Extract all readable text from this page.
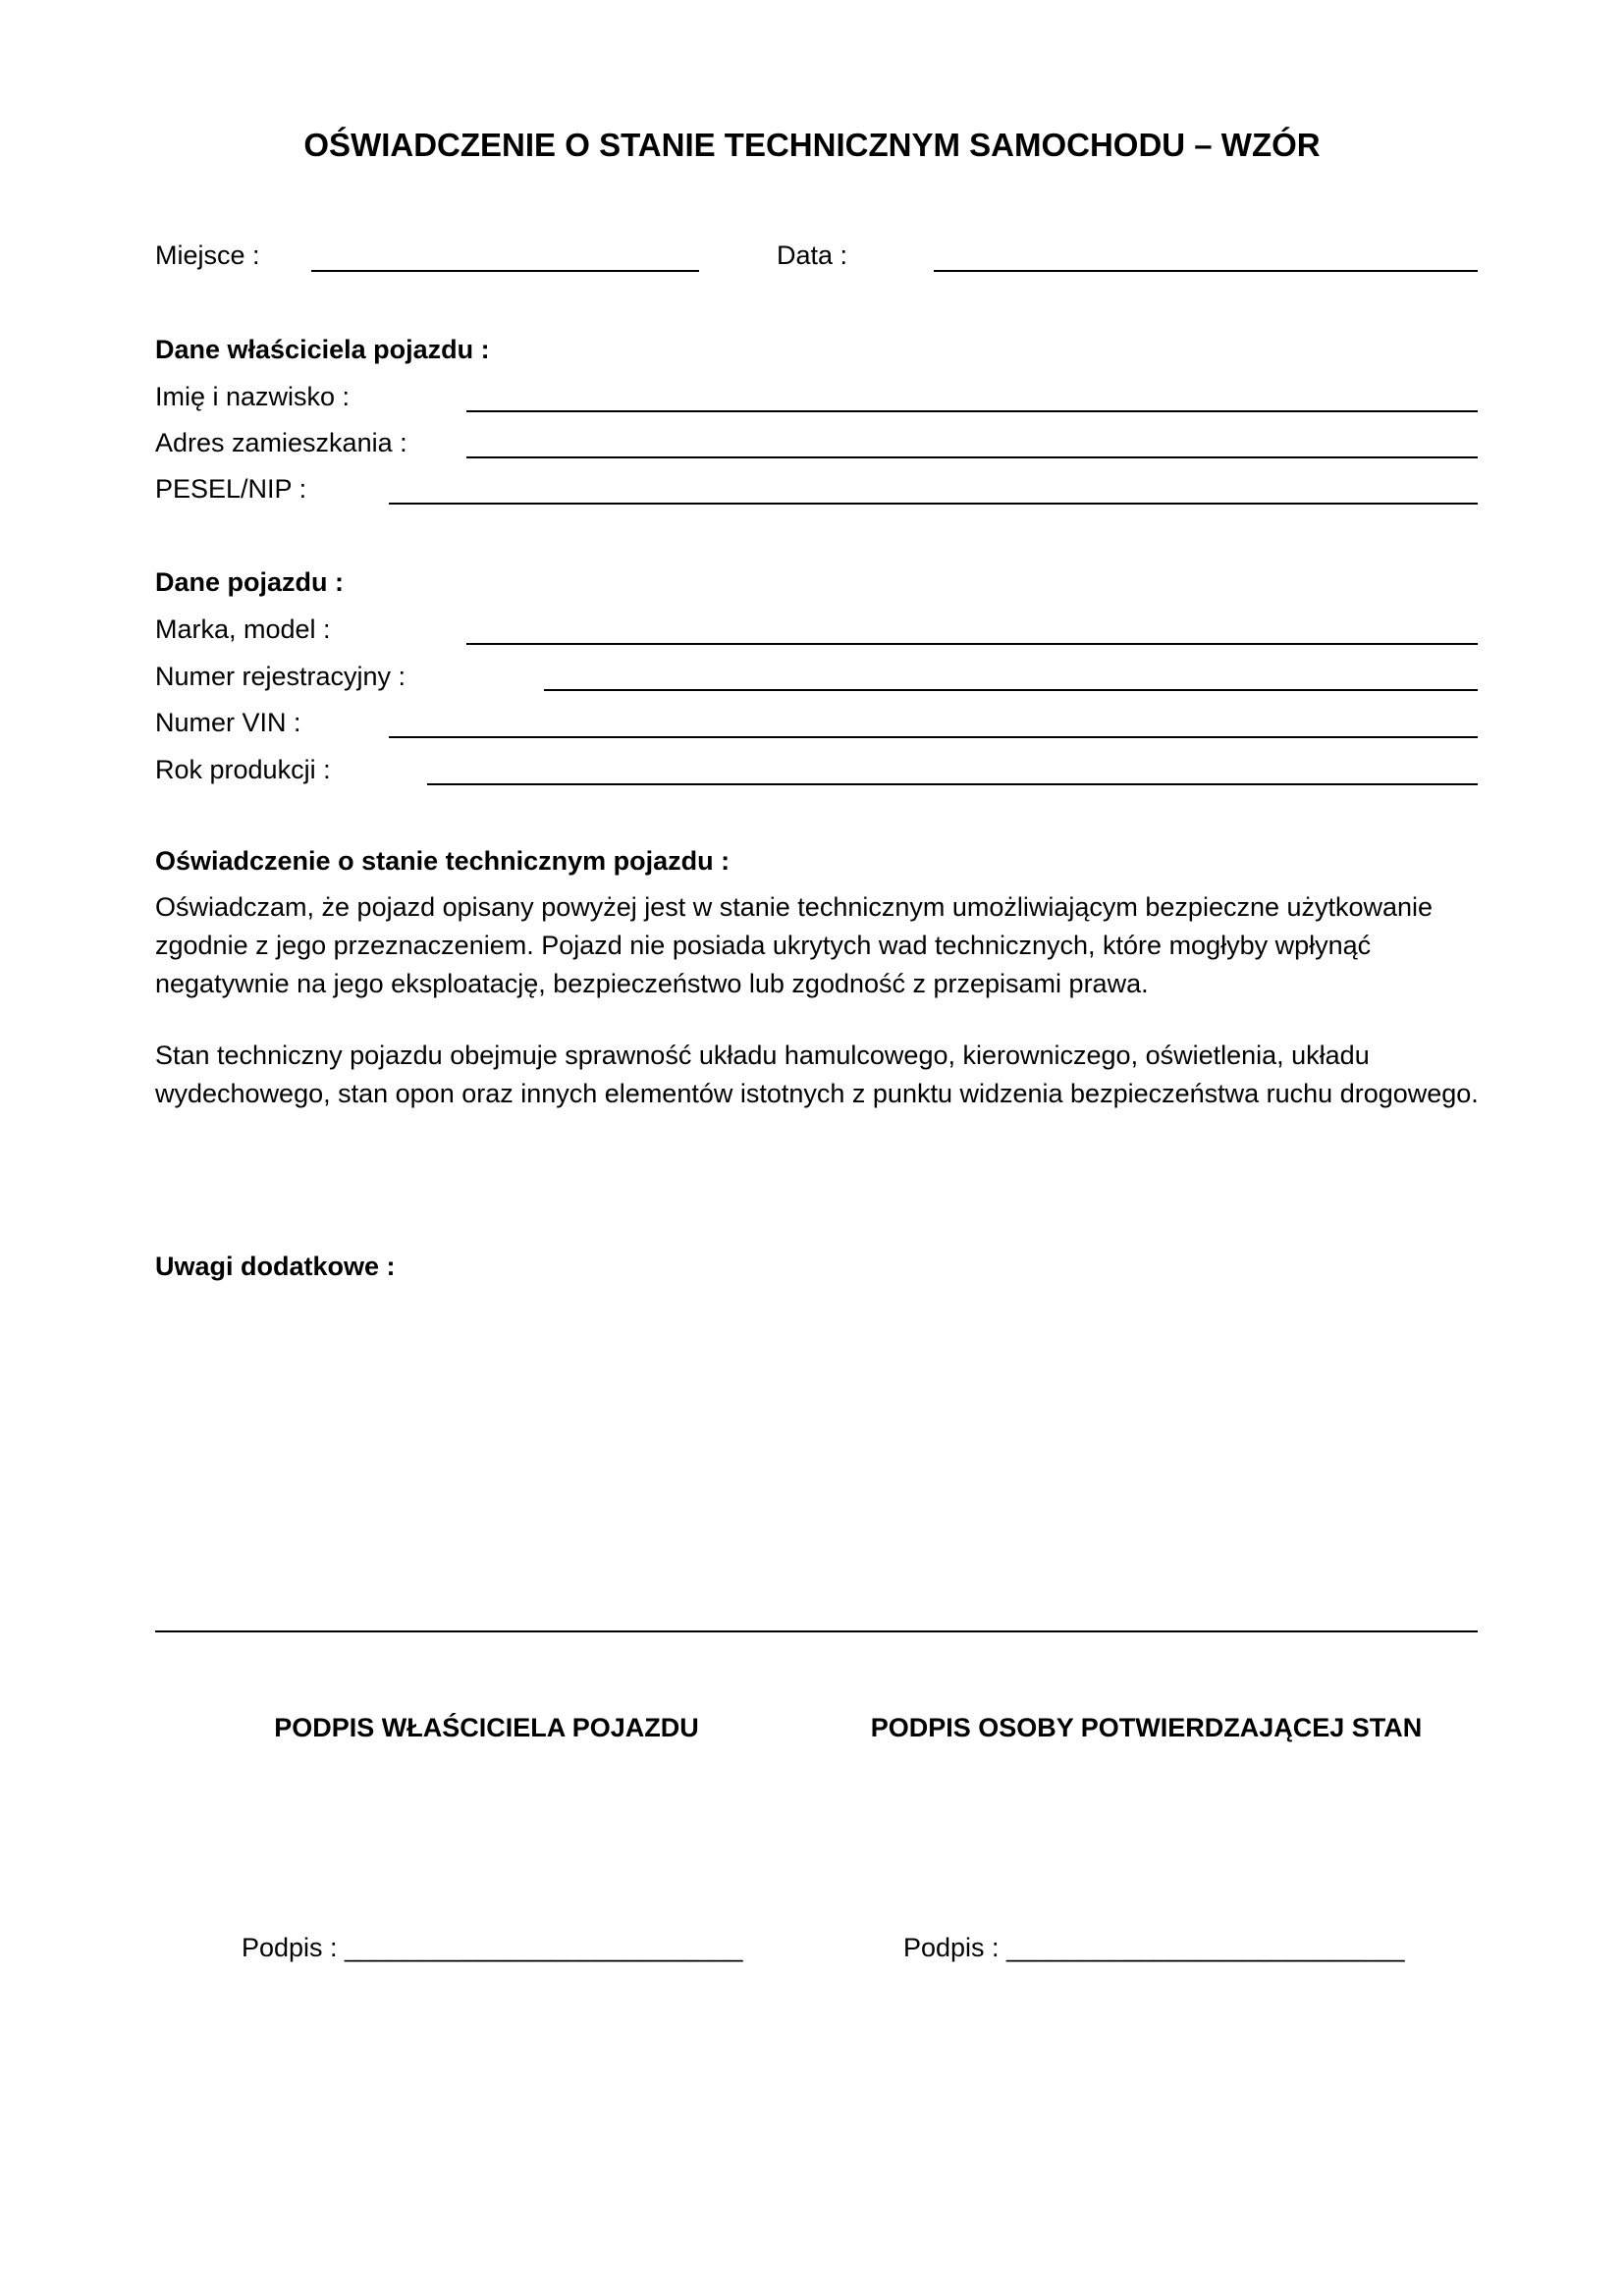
OŚWIADCZENIE O STANIE TECHNICZNYM SAMOCHODU – WZÓR
Miejsce :	Data :
Dane właściciela pojazdu :
Imię i nazwisko :
Adres zamieszkania :
PESEL/NIP :
Dane pojazdu :
Marka, model :
Numer rejestracyjny :
Numer VIN :
Rok produkcji :
Oświadczenie o stanie technicznym pojazdu :
Oświadczam, że pojazd opisany powyżej jest w stanie technicznym umożliwiającym bezpieczne użytkowanie zgodnie z jego przeznaczeniem. Pojazd nie posiada ukrytych wad technicznych, które mogłyby wpłynąć negatywnie na jego eksploatację, bezpieczeństwo lub zgodność z przepisami prawa.
Stan techniczny pojazdu obejmuje sprawność układu hamulcowego, kierowniczego, oświetlenia, układu wydechowego, stan opon oraz innych elementów istotnych z punktu widzenia bezpieczeństwa ruchu drogowego.
Uwagi dodatkowe :
PODPIS WŁAŚCICIELA POJAZDU	PODPIS OSOBY POTWIERDZAJĄCEJ STAN
Podpis : ___________________________	Podpis : ___________________________
